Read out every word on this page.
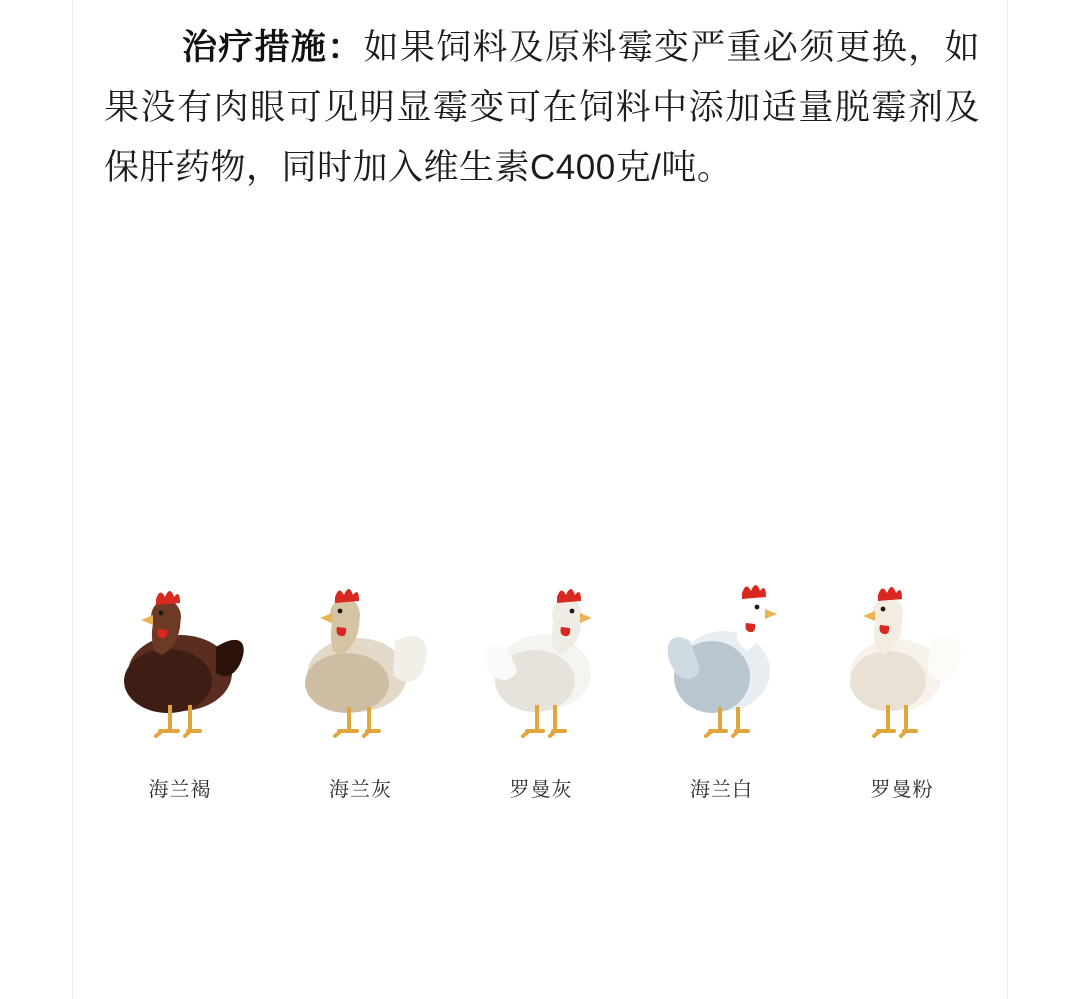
治疗措施：如果饲料及原料霉变严重必须更换，如果没有肉眼可见明显霉变可在饲料中添加适量脱霉剂及保肝药物，同时加入维生素C400克/吨。

海兰褐	海兰灰	罗曼灰	海兰白	罗曼粉
